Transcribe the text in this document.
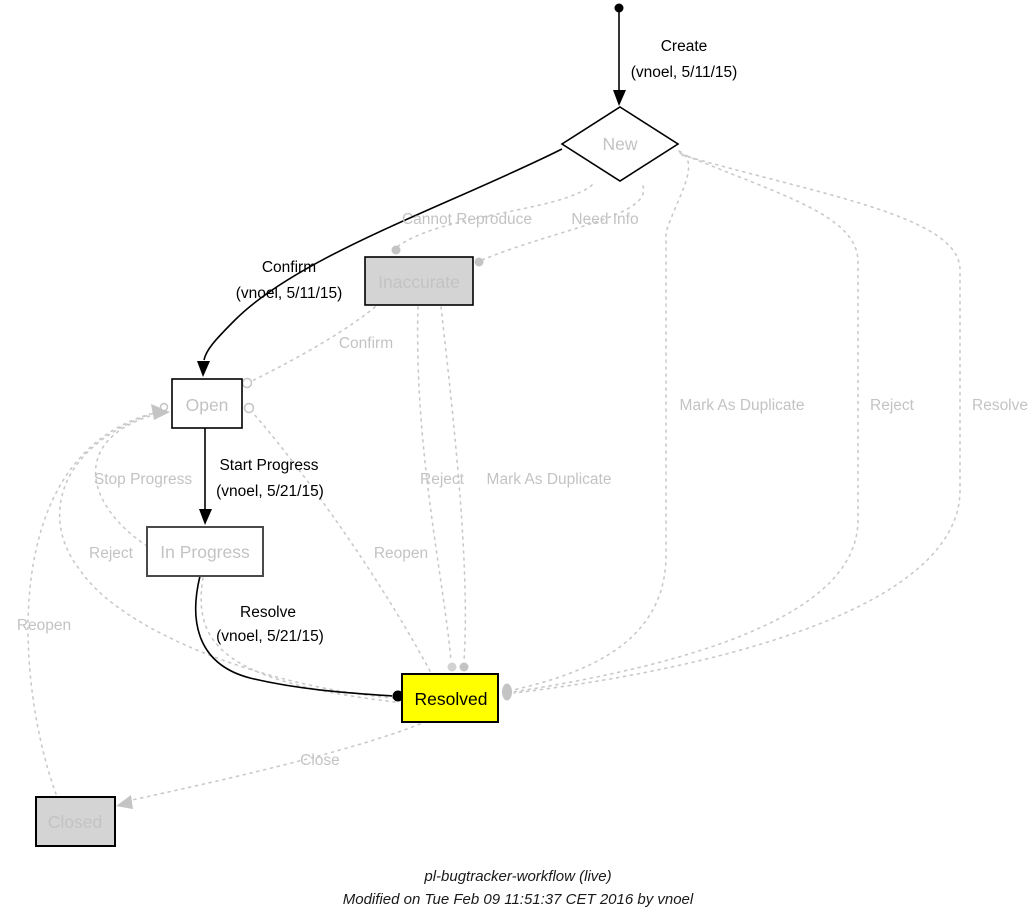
New
Inaccurate
Open
In Progress
Resolved
Closed
Create
(vnoel, 5/11/15)
Confirm
(vnoel, 5/11/15)
Start Progress
(vnoel, 5/21/15)
Resolve
(vnoel, 5/21/15)
Cannot Reproduce	Need Info
Confirm
Mark As Duplicate	Reject	Resolve
Reject Mark As Duplicate
Stop Progress
Reject	Reopen
Reopen
Close
pl-bugtracker-workflow (live)
Modified on Tue Feb 09 11:51:37 CET 2016 by vnoel
